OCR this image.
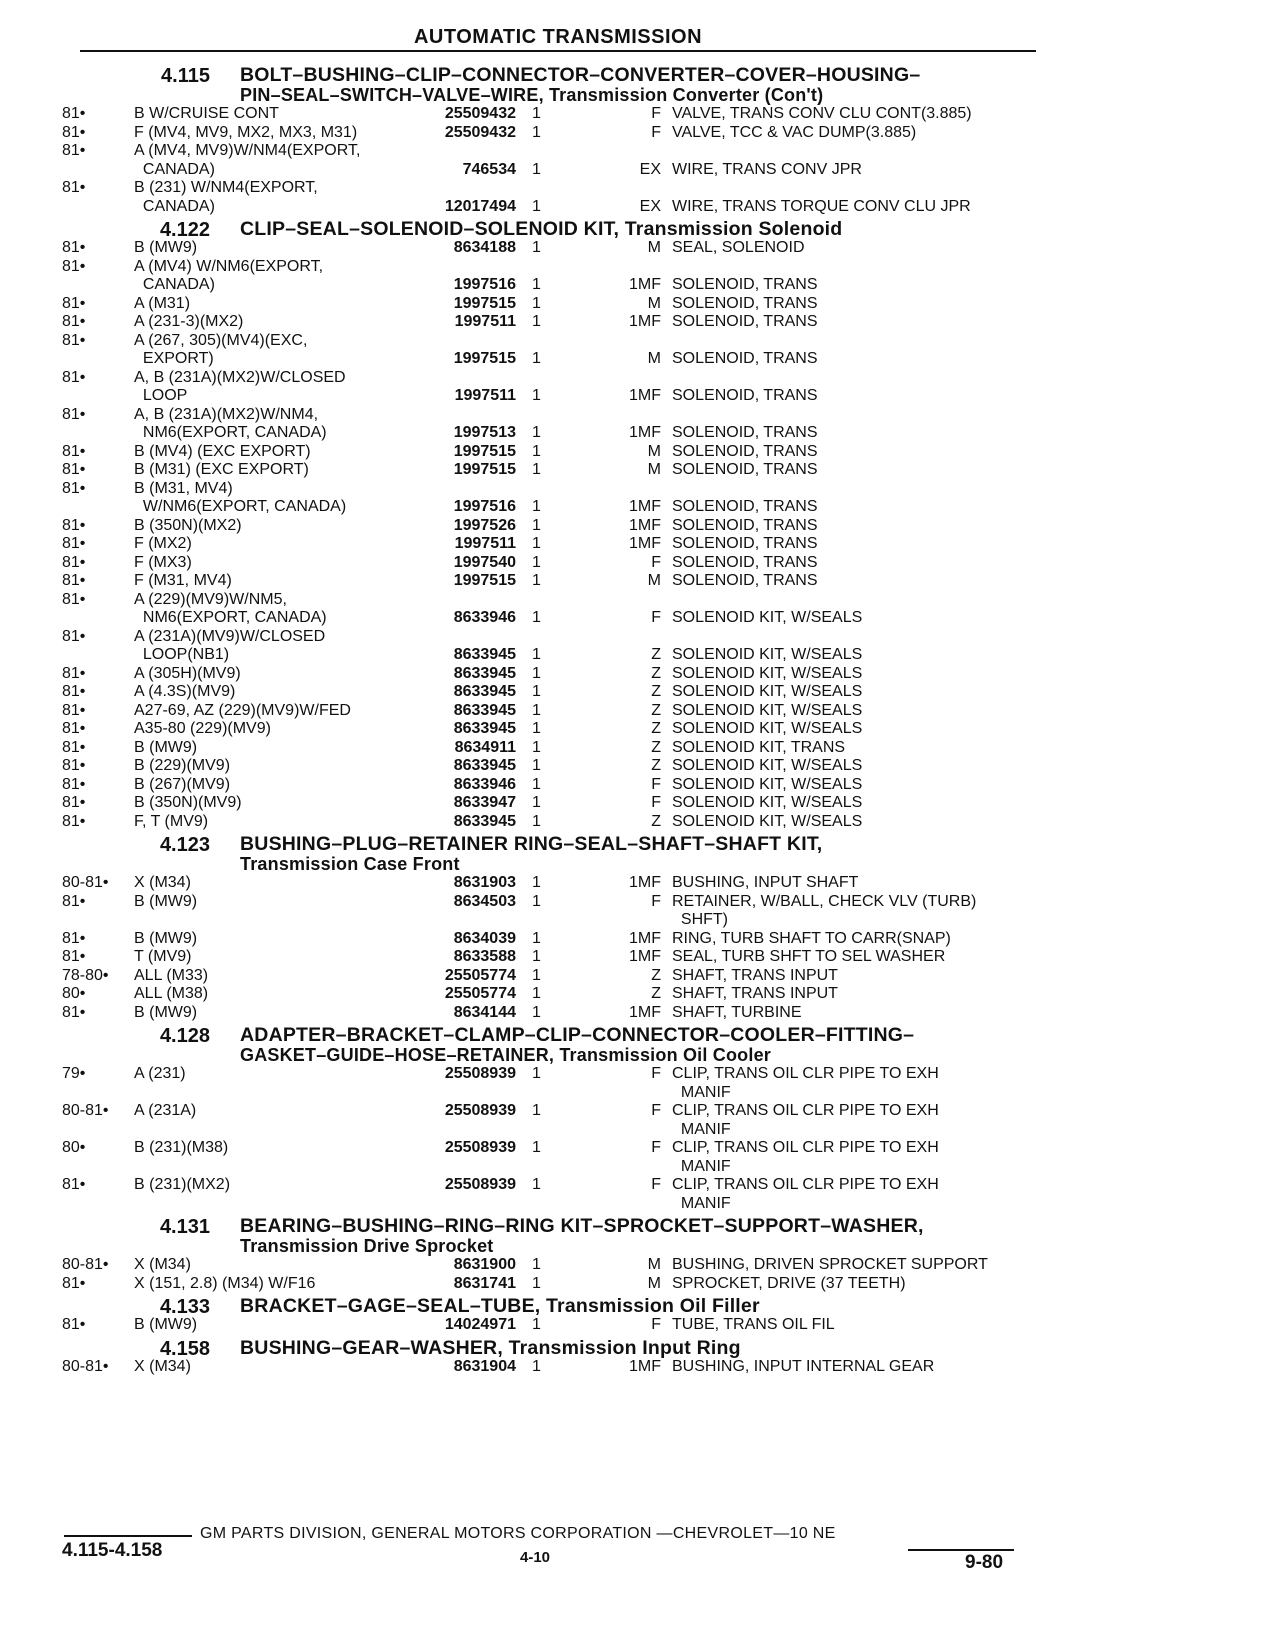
AUTOMATIC TRANSMISSION
4.115 BOLT–BUSHING–CLIP–CONNECTOR–CONVERTER–COVER–HOUSING–
PIN–SEAL–SWITCH–VALVE–WIRE, Transmission Converter (Con't)
81•	B W/CRUISE CONT	25509432 1	F VALVE, TRANS CONV CLU CONT(3.885)
81•	F (MV4, MV9, MX2, MX3, M31)	25509432 1	F VALVE, TCC & VAC DUMP(3.885)
81•	A (MV4, MV9)W/NM4(EXPORT,
CANADA)	746534 1	EX WIRE, TRANS CONV JPR
81•	B (231) W/NM4(EXPORT,
CANADA)	12017494 1	EX WIRE, TRANS TORQUE CONV CLU JPR
4.122 CLIP–SEAL–SOLENOID–SOLENOID KIT, Transmission Solenoid
81•	B (MW9)	8634188 1	M SEAL, SOLENOID
81•	A (MV4) W/NM6(EXPORT,
CANADA)	1997516 1	1MF SOLENOID, TRANS
81•	A (M31)	1997515 1	M SOLENOID, TRANS
81•	A (231-3)(MX2)	1997511 1	1MF SOLENOID, TRANS
81•	A (267, 305)(MV4)(EXC,
EXPORT)	1997515 1	M SOLENOID, TRANS
81•	A, B (231A)(MX2)W/CLOSED
LOOP	1997511 1	1MF SOLENOID, TRANS
81•	A, B (231A)(MX2)W/NM4,
NM6(EXPORT, CANADA)	1997513 1	1MF SOLENOID, TRANS
81•	B (MV4) (EXC EXPORT)	1997515 1	M SOLENOID, TRANS
81•	B (M31) (EXC EXPORT)	1997515 1	M SOLENOID, TRANS
81•	B (M31, MV4)
W/NM6(EXPORT, CANADA)	1997516 1	1MF SOLENOID, TRANS
81•	B (350N)(MX2)	1997526 1	1MF SOLENOID, TRANS
81•	F (MX2)	1997511 1	1MF SOLENOID, TRANS
81•	F (MX3)	1997540 1	F SOLENOID, TRANS
81•	F (M31, MV4)	1997515 1	M SOLENOID, TRANS
81•	A (229)(MV9)W/NM5,
NM6(EXPORT, CANADA)	8633946 1	F SOLENOID KIT, W/SEALS
81•	A (231A)(MV9)W/CLOSED
LOOP(NB1)	8633945 1	Z SOLENOID KIT, W/SEALS
81•	A (305H)(MV9)	8633945 1	Z SOLENOID KIT, W/SEALS
81•	A (4.3S)(MV9)	8633945 1	Z SOLENOID KIT, W/SEALS
81•	A27-69, AZ (229)(MV9)W/FED	8633945 1	Z SOLENOID KIT, W/SEALS
81•	A35-80 (229)(MV9)	8633945 1	Z SOLENOID KIT, W/SEALS
81•	B (MW9)	8634911 1	Z SOLENOID KIT, TRANS
81•	B (229)(MV9)	8633945 1	Z SOLENOID KIT, W/SEALS
81•	B (267)(MV9)	8633946 1	F SOLENOID KIT, W/SEALS
81•	B (350N)(MV9)	8633947 1	F SOLENOID KIT, W/SEALS
81•	F, T (MV9)	8633945 1	Z SOLENOID KIT, W/SEALS
4.123 BUSHING–PLUG–RETAINER RING–SEAL–SHAFT–SHAFT KIT,
Transmission Case Front
80-81• X (M34)	8631903 1	1MF BUSHING, INPUT SHAFT
81•	B (MW9)	8634503 1	F RETAINER, W/BALL, CHECK VLV (TURB)
SHFT)
81•	B (MW9)	8634039 1	1MF RING, TURB SHAFT TO CARR(SNAP)
81•	T (MV9)	8633588 1	1MF SEAL, TURB SHFT TO SEL WASHER
78-80• ALL (M33)	25505774 1	Z SHAFT, TRANS INPUT
80•	ALL (M38)	25505774 1	Z SHAFT, TRANS INPUT
81•	B (MW9)	8634144 1	1MF SHAFT, TURBINE
4.128 ADAPTER–BRACKET–CLAMP–CLIP–CONNECTOR–COOLER–FITTING–
GASKET–GUIDE–HOSE–RETAINER, Transmission Oil Cooler
79•	A (231)	25508939 1	F CLIP, TRANS OIL CLR PIPE TO EXH
MANIF
80-81• A (231A)	25508939 1	F CLIP, TRANS OIL CLR PIPE TO EXH
MANIF
80•	B (231)(M38)	25508939 1	F CLIP, TRANS OIL CLR PIPE TO EXH
MANIF
81•	B (231)(MX2)	25508939 1	F CLIP, TRANS OIL CLR PIPE TO EXH
MANIF
4.131 BEARING–BUSHING–RING–RING KIT–SPROCKET–SUPPORT–WASHER,
Transmission Drive Sprocket
80-81• X (M34)	8631900 1	M BUSHING, DRIVEN SPROCKET SUPPORT
81•	X (151, 2.8) (M34) W/F16	8631741 1	M SPROCKET, DRIVE (37 TEETH)
4.133 BRACKET–GAGE–SEAL–TUBE, Transmission Oil Filler
81•	B (MW9)	14024971 1	F TUBE, TRANS OIL FIL
4.158 BUSHING–GEAR–WASHER, Transmission Input Ring
80-81• X (M34)	8631904 1	1MF BUSHING, INPUT INTERNAL GEAR
GM PARTS DIVISION, GENERAL MOTORS CORPORATION —CHEVROLET—10 NE
4.115-4.158	4-10	9-80
